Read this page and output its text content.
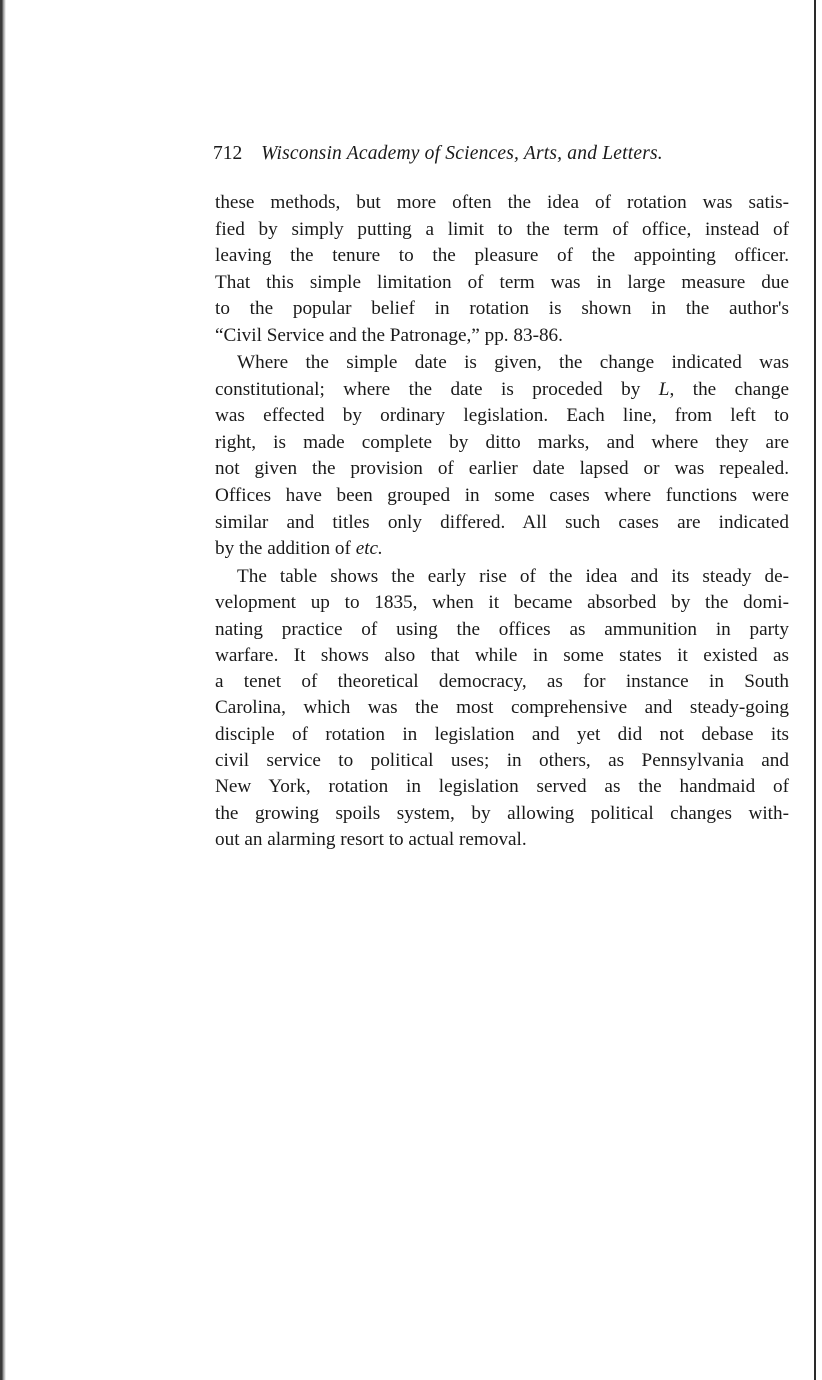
712 Wisconsin Academy of Sciences, Arts, and Letters.
these methods, but more often the idea of rotation was satis-
fied by simply putting a limit to the term of office, instead of
leaving the tenure to the pleasure of the appointing officer.
That this simple limitation of term was in large measure due
to the popular belief in rotation is shown in the author's
“Civil Service and the Patronage,” pp. 83-86.
Where the simple date is given, the change indicated was
constitutional; where the date is proceded by L, the change
was effected by ordinary legislation. Each line, from left to
right, is made complete by ditto marks, and where they are
not given the provision of earlier date lapsed or was repealed.
Offices have been grouped in some cases where functions were
similar and titles only differed. All such cases are indicated
by the addition of etc.
The table shows the early rise of the idea and its steady de-
velopment up to 1835, when it became absorbed by the domi-
nating practice of using the offices as ammunition in party
warfare. It shows also that while in some states it existed as
a tenet of theoretical democracy, as for instance in South
Carolina, which was the most comprehensive and steady-going
disciple of rotation in legislation and yet did not debase its
civil service to political uses; in others, as Pennsylvania and
New York, rotation in legislation served as the handmaid of
the growing spoils system, by allowing political changes with-
out an alarming resort to actual removal.
